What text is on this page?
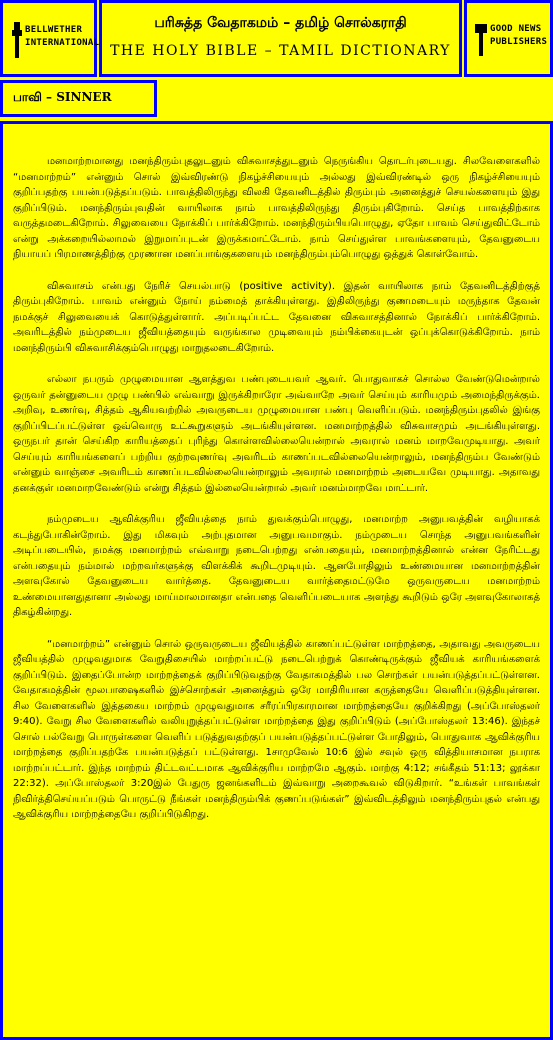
BELLWETHER
INTERNATIONAL
பரிசுத்த வேதாகமம் – தமிழ் சொல்கராதி
THE HOLY BIBLE – TAMIL DICTIONARY
GOOD NEWS
PUBLISHERS
பாவி – SINNER

மனமாற்றமானது மனந்திரும்புதலுடனும் விசுவாசத்துடனும் நெருங்கிய தொடர்புடையது. சிலவேளைகளில் “மனமாற்றம்” என்னும் சொல் இவ்விரண்டு நிகழ்ச்சியையும் அல்லது இவ்விரண்டில் ஒரு நிகழ்ச்சியையும் குறிப்பதற்கு பயன்படுத்தப்படும். பாவத்திலிருந்து விலகி தேவனிடத்தில் திரும்பும் அனைத்துச் செயல்களையும் இது குறிப்பிடும். மனந்திரும்புவதின் வாயிலாக நாம் பாவத்திலிருந்து திரும்புகிறோம். செய்த பாவத்திற்காக வருத்தமடைகிறோம். சிலுவையை நோக்கிப் பார்க்கிறோம். மனந்திரும்பியபொழுது, ஏதோ பாவம் செய்துவிட்டோம் என்று அக்கறையில்லாமல் இறுமாப்புடன் இருக்கமாட்டோம். நாம் செய்துள்ள பாவங்களையும், தேவனுடைய நியாயப் பிரமாணத்திற்கு முரணான மனப்பாங்குகளையும் மனந்திரும்பும்பொழுது ஒத்துக் கொள்வோம்.

விசுவாசம் என்பது நேரிச் செயல்பாடு (positive activity). இதன் வாயிலாக நாம் தேவனிடத்திற்குத் திரும்புகிறோம். பாவம் என்னும் நோய் நம்மைத் தாக்கியுள்ளது. இதிலிருந்து குணமடையும் மருந்தாக தேவன் நமக்குச் சிலுவையைக் கொடுத்துள்ளார். அப்படிப்பட்ட தேவனை விசுவாசத்தினால் நோக்கிப் பார்க்கிறோம். அவரிடத்தில் நம்முடைய ஜீவியத்தையும் வருங்கால முடிவையும் நம்பிக்கையுடன் ஒப்புக்கொடுக்கிறோம். நாம் மனந்திரும்பி விசுவாசிக்கும்பொழுது மாறுதலடைகிறோம்.

எல்லா நபரும் முழுமையான ஆளத்துவ பண்புடையவர் ஆவர். பொதுவாகச் சொல்ல வேண்டுமென்றால் ஒருவர் தன்னுடைய முழு பண்பில் எவ்வாறு இருக்கிறாரோ அவ்வாறே அவர் செய்யும் காரியமும் அமைந்திருக்கும். அறிவு, உணர்வு, சித்தம் ஆகியவற்றில் அவருடைய முழுமையான பண்பு வெளிப்படும். மனந்திரும்புதலில் இங்கு குறிப்பிடப்பட்டுள்ள ஒவ்வொரு உட்கூறுகளும் அடங்கியுள்ளன. மனமாற்றத்தில் விசுவாசமும் அடங்கியுள்ளது. ஒருநபர் தான் செய்கிற காரியத்தைப் புரிந்து கொள்ளவில்லையென்றால் அவரால் மனம் மாறவேமுடியாது. அவர் செய்யும் காரியங்களைப் பற்றிய குற்றவுணர்வு அவரிடம் காணப்படவில்லையென்றாலும், மனந்திரும்ப வேண்டும் என்னும் வாஞ்சை அவரிடம் காணப்படவில்லையென்றாலும் அவரால் மனமாற்றம் அடையவே முடியாது. அதாவது தனக்குள் மனமாறவேண்டும் என்று சித்தம் இல்லையென்றால் அவர் மனம்மாறவே மாட்டார்.

நம்முடைய ஆவிக்குரிய ஜீவியத்தை நாம் துவக்கும்பொழுது, மனமாற்ற அனுபவத்தின் வழியாகக் கடந்துபோகின்றோம். இது மிகவும் அற்புதமான அனுபவமாகும். நம்முடைய சொந்த அனுபவங்களின் அடிப்படையில், நமக்கு மனமாற்றம் எவ்வாறு நடைபெற்றது என்பதையும், மனமாற்றத்தினால் என்ன நேரிட்டது என்பதையும் நம்மால் மற்றவர்களுக்கு விளக்கிக் கூறிடமுடியும். ஆனபோதிலும் உண்மையான மனமாற்றத்தின் அளவுகோல் தேவனுடைய வார்த்தை. தேவனுடைய வார்த்தைமட்டுமே ஒருவருடைய மனமாற்றம் உண்மையானதுதானா அல்லது மாய்மாலமானதா என்பதை வெளிப்படையாக அளந்து கூறிடும் ஒரே அளவுகோலாகத் திகழ்கின்றது.

“மனமாற்றம்” என்னும் சொல் ஒருவருடைய ஜீவியத்தில் காணப்பட்டுள்ள மாற்றத்தை, அதாவது அவருடைய ஜீவியத்தில் முழுவதுமாக வேறுதிசையில் மாற்றப்பட்டு நடைபெற்றுக் கொண்டிருக்கும் ஜீவியக் காரியங்களைக் குறிப்பிடும். இதைப்போன்ற மாற்றத்தைக் குறிப்பிடுவதற்கு வேதாகமத்தில் பல சொற்கள் பயன்படுத்தப்பட்டுள்ளன. வேதாகமத்தின் மூலபாஷைகளில் இச்சொற்கள் அனைத்தும் ஒரே மாதிரியான கருத்தையே வெளிப்படுத்தியுள்ளன. சில வேளைகளில் இத்தகைய மாற்றம் முழுவதுமாக சரீரப்பிரகாரமான மாற்றத்தையே குறிக்கிறது (அப்போஸ்தலர் 9:40). வேறு சில வேளைகளில் வலியுறுத்தப்பட்டுள்ள மாற்றத்தை இது குறிப்பிடும் (அப்போஸ்தலர் 13:46). இந்தச் சொல் பல்வேறு பொருள்களை வெளிப் படுத்துவதற்குப் பயன்படுத்தப்பட்டுள்ள போதிலும், பொதுவாக ஆவிக்குரிய மாற்றத்தை குறிப்பதற்கே பயன்படுத்தப் பட்டுள்ளது. 1சாமுவேல் 10:6 இல் சவுல் ஒரு வித்தியாசமான நபராக மாற்றப்பட்டார். இந்த மாற்றம் திட்டவட்டமாக ஆவிக்குரிய மாற்றமே ஆகும். மாற்கு 4:12; சங்கீதம் 51:13; லூக்கா 22:32). அப்போஸ்தலர் 3:20இல் பேதுரு ஜனங்களிடம் இவ்வாறு அறைகூவல் விடுகிறார். “உங்கள் பாவங்கள் நிவிர்த்திசெய்யப்படும் பொருட்டு நீங்கள் மனந்திரும்பிக் குணப்படுங்கள்” இவ்விடத்திலும் மனந்திரும்புதல் என்பது ஆவிக்குரிய மாற்றத்தையே குறிப்பிடுகிறது.
